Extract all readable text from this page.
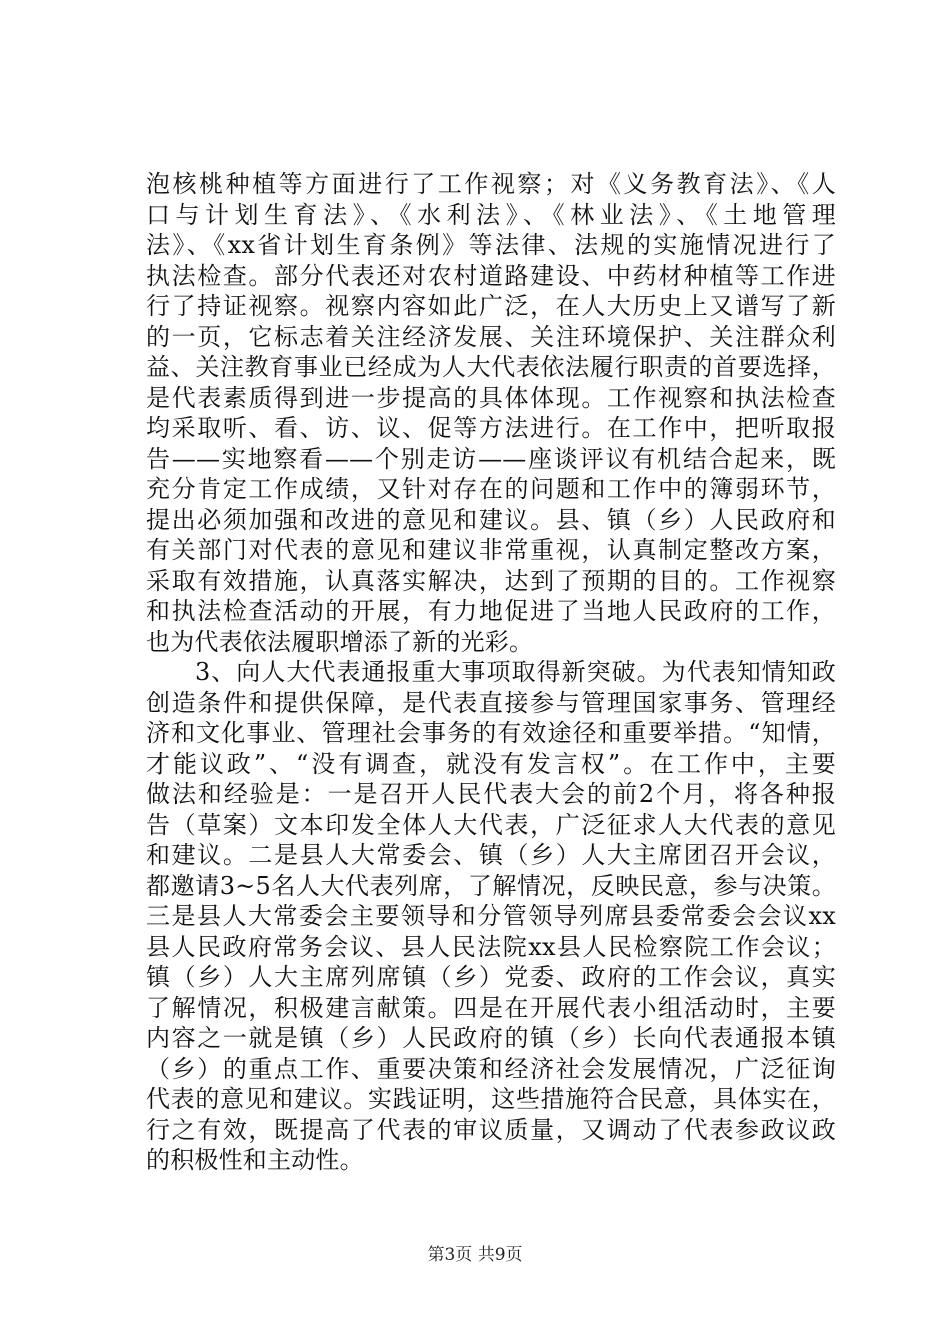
泡核桃种植等方面进行了工作视察；对《义务教育法》、《人
口与计划生育法》、《水利法》、《林业法》、《土地管理
法》、《xx省计划生育条例》等法律、法规的实施情况进行了
执法检查。部分代表还对农村道路建设、中药材种植等工作进
行了持证视察。视察内容如此广泛，在人大历史上又谱写了新
的一页，它标志着关注经济发展、关注环境保护、关注群众利
益、关注教育事业已经成为人大代表依法履行职责的首要选择，
是代表素质得到进一步提高的具体体现。工作视察和执法检查
均采取听、看、访、议、促等方法进行。在工作中，把听取报
告——实地察看——个别走访——座谈评议有机结合起来，既
充分肯定工作成绩，又针对存在的问题和工作中的簿弱环节，
提出必须加强和改进的意见和建议。县、镇（乡）人民政府和
有关部门对代表的意见和建议非常重视，认真制定整改方案，
采取有效措施，认真落实解决，达到了预期的目的。工作视察
和执法检查活动的开展，有力地促进了当地人民政府的工作，
也为代表依法履职增添了新的光彩。
3、向人大代表通报重大事项取得新突破。为代表知情知政
创造条件和提供保障，是代表直接参与管理国家事务、管理经
济和文化事业、管理社会事务的有效途径和重要举措。“知情，
才能议政”、“没有调查，就没有发言权”。在工作中，主要
做法和经验是：一是召开人民代表大会的前2个月，将各种报
告（草案）文本印发全体人大代表，广泛征求人大代表的意见
和建议。二是县人大常委会、镇（乡）人大主席团召开会议，
都邀请3~5名人大代表列席，了解情况，反映民意，参与决策。
三是县人大常委会主要领导和分管领导列席县委常委会会议xx
县人民政府常务会议、县人民法院xx县人民检察院工作会议；
镇（乡）人大主席列席镇（乡）党委、政府的工作会议，真实
了解情况，积极建言献策。四是在开展代表小组活动时，主要
内容之一就是镇（乡）人民政府的镇（乡）长向代表通报本镇
（乡）的重点工作、重要决策和经济社会发展情况，广泛征询
代表的意见和建议。实践证明，这些措施符合民意，具体实在，
行之有效，既提高了代表的审议质量，又调动了代表参政议政
的积极性和主动性。
第3页 共9页
